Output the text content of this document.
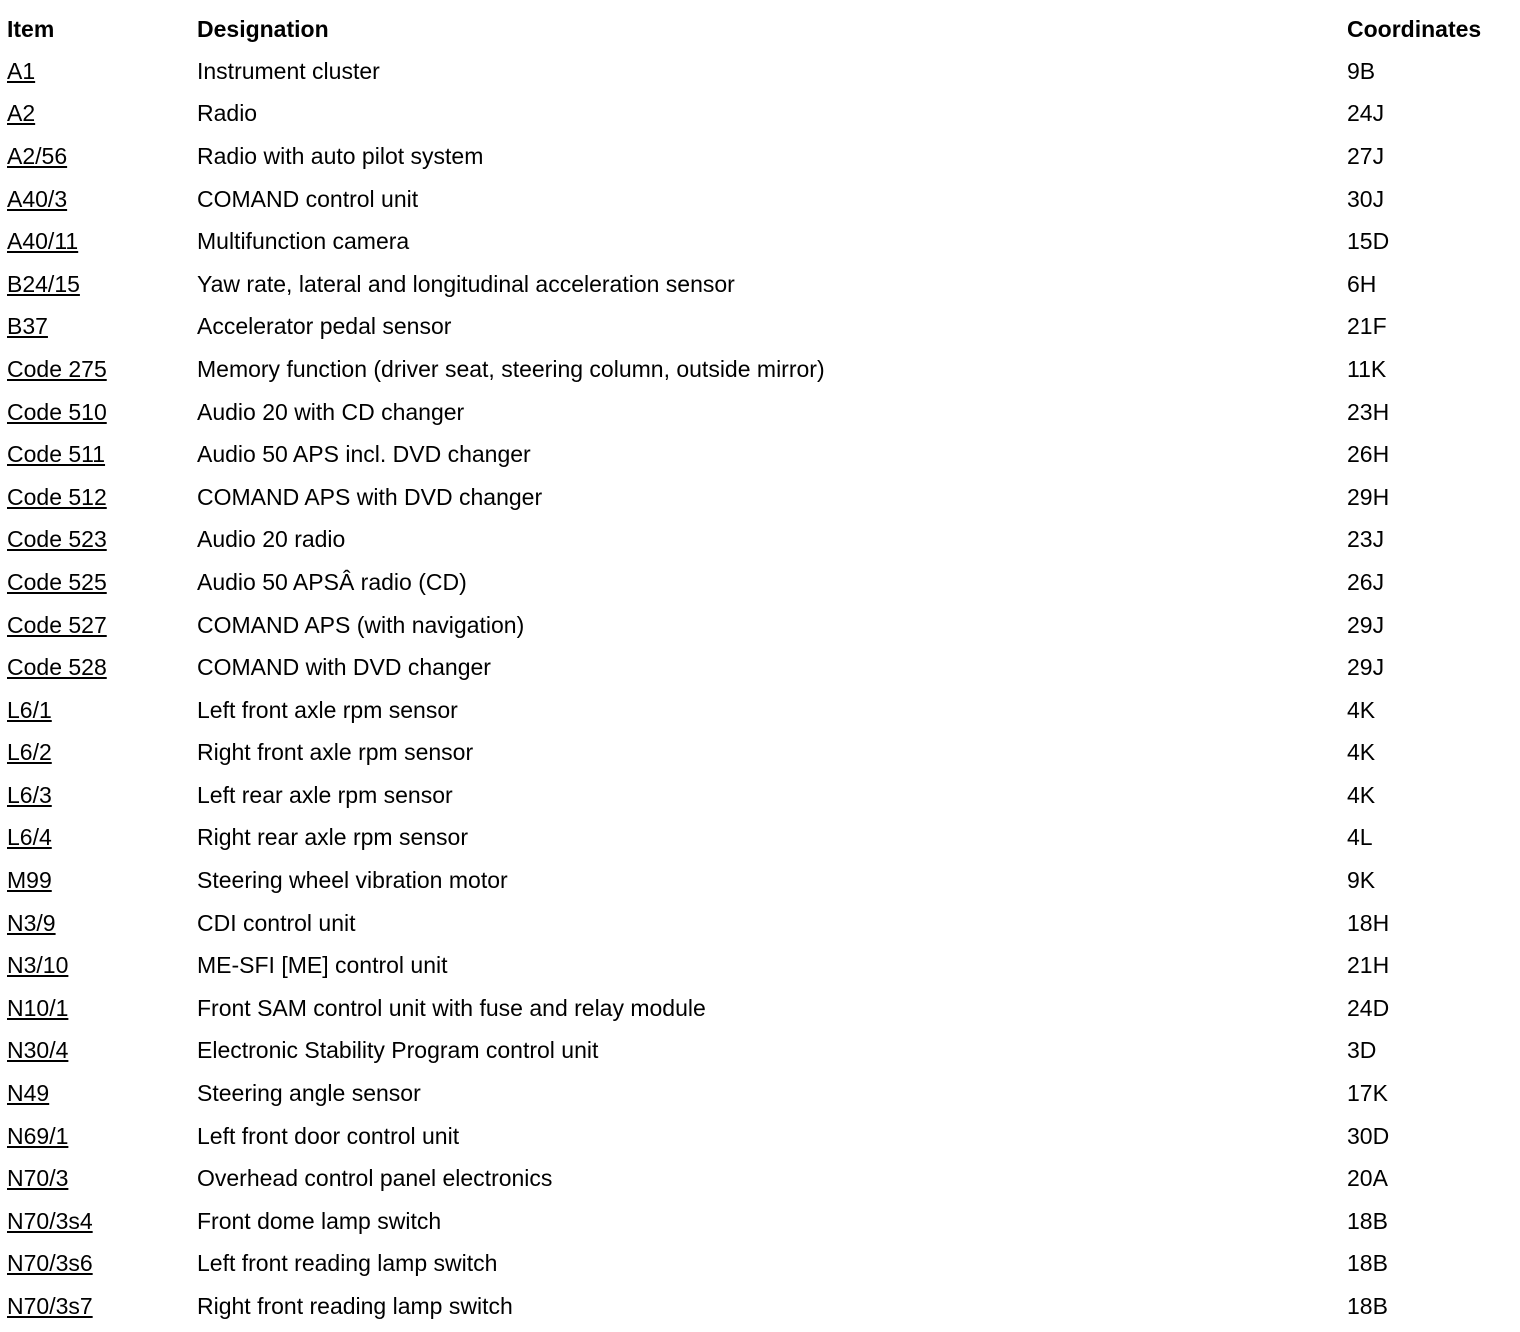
Item	Designation	Coordinates
A1	Instrument cluster	9B
A2	Radio	24J
A2/56	Radio with auto pilot system	27J
A40/3	COMAND control unit	30J
A40/11	Multifunction camera	15D
B24/15	Yaw rate, lateral and longitudinal acceleration sensor	6H
B37	Accelerator pedal sensor	21F
Code 275	Memory function (driver seat, steering column, outside mirror)	11K
Code 510	Audio 20 with CD changer	23H
Code 511	Audio 50 APS incl. DVD changer	26H
Code 512	COMAND APS with DVD changer	29H
Code 523	Audio 20 radio	23J
Code 525	Audio 50 APSÂ radio (CD)	26J
Code 527	COMAND APS (with navigation)	29J
Code 528	COMAND with DVD changer	29J
L6/1	Left front axle rpm sensor	4K
L6/2	Right front axle rpm sensor	4K
L6/3	Left rear axle rpm sensor	4K
L6/4	Right rear axle rpm sensor	4L
M99	Steering wheel vibration motor	9K
N3/9	CDI control unit	18H
N3/10	ME-SFI [ME] control unit	21H
N10/1	Front SAM control unit with fuse and relay module	24D
N30/4	Electronic Stability Program control unit	3D
N49	Steering angle sensor	17K
N69/1	Left front door control unit	30D
N70/3	Overhead control panel electronics	20A
N70/3s4	Front dome lamp switch	18B
N70/3s6	Left front reading lamp switch	18B
N70/3s7	Right front reading lamp switch	18B
